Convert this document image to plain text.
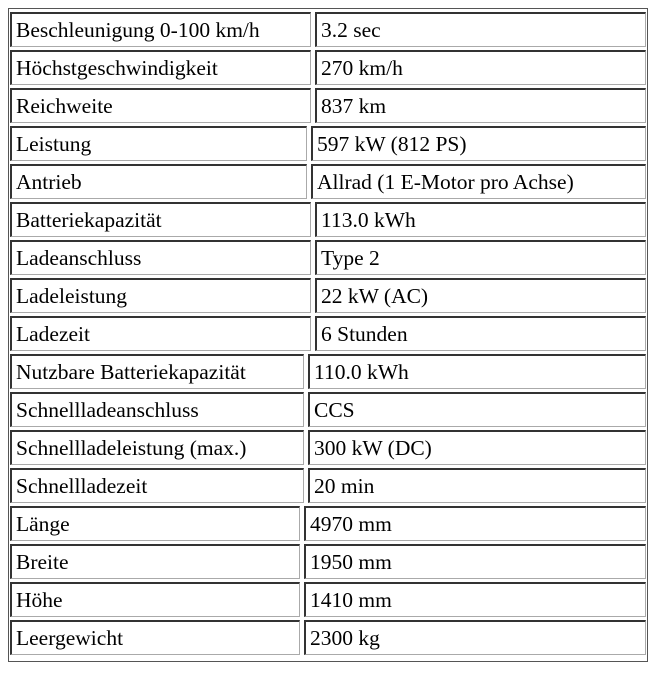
Beschleunigung 0-100 km/h	3.2 sec
Höchstgeschwindigkeit	270 km/h
Reichweite	837 km
Leistung	597 kW (812 PS)
Antrieb	Allrad (1 E-Motor pro Achse)
Batteriekapazität	113.0 kWh
Ladeanschluss	Type 2
Ladeleistung	22 kW (AC)
Ladezeit	6 Stunden
Nutzbare Batteriekapazität	110.0 kWh
Schnellladeanschluss	CCS
Schnellladeleistung (max.)	300 kW (DC)
Schnellladezeit	20 min
Länge	4970 mm
Breite	1950 mm
Höhe	1410 mm
Leergewicht	2300 kg
